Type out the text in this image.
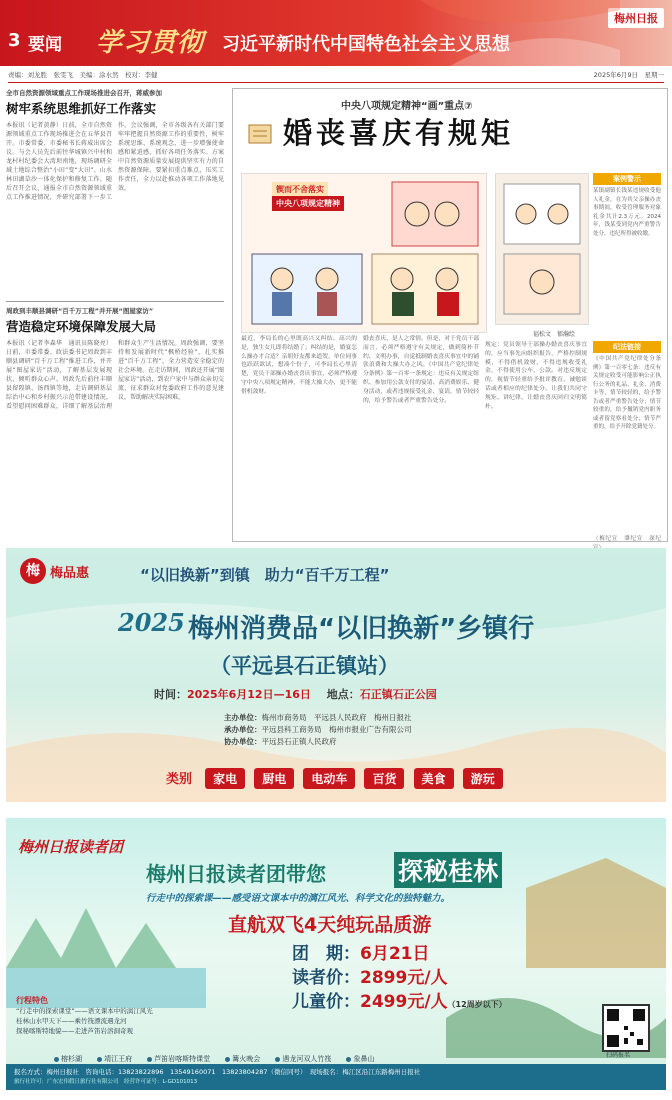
3 要闻 学习贯彻 习近平新时代中国特色社会主义思想
梅州日报
责编：刘龙胜　张雯飞　美编：涂水然　校对：李健	2025年6月9日　星期一
全市自然资源领域重点工作现场推进会召开，蒋威参加
树牢系统思维抓好工作落实
本报讯（记者黄静）日前，全市自然资源领域重点工作现场推进会在五华县召开。市委常委、市委秘书长蒋威出席会议。与会人员先后前往华城镇兴中村和龙村村纪委会大湾坝南地，现场调研全域土地综合整治“小田”变“大田”、山水林田湖草沙一体化保护和修复工作。随后召开会议，通报全市自然资源领域重点工作推进情况，并研究部署下一步工作。会议强调，全市各级各有关部门要牢牢把握自然资源工作的重要性，树牢系统思维、系统观念，进一步增强使命感和紧迫感，抓好各项任务落实。方案中自然资源质量发展提供坚实有力的自然资源保障。要紧扣重点难点，压实工作责任，全力以赴推动各项工作落地见效。
周政到丰顺县调研“百千万工程”并开展“图屋家访”
营造稳定环境保障发展大局
本报讯（记者李森华　通讯员陈晓亮）日前，市委常委、政法委书记周政到丰顺县调研“百千万工程”推进工作，并开展“图屋家访”活动，了解基层发展现状，倾听群众心声。周政先后前往丰顺县留隍镇、汤西镇等地，走访调研基层综治中心和乡村振兴示范带建设情况，看望慰问困难群众，详细了解基层治理和群众生产生活情况。周政强调，要坚持和发展新时代“枫桥经验”，扎实推进“百千万工程”，全力营造安全稳定的社会环境。在走访期间，周政还开展“图屋家访”活动，到农户家中与群众亲切交流，征求群众对党委政府工作的意见建议，帮助解决实际困难。
中央八项规定精神“画”重点⑦
婚丧喜庆有规矩
锲而不舍落实
中央八项规定精神
福松文　郁瀚绘
最近，李局长的心里既高兴又纠结。高兴的是，独生女儿即将结婚了；纠结的是，婚宴怎么操办才合适？亲朋好友都来道贺，单位同事也跃跃欲试，想凑个份子，可李局长心里清楚，党员干部操办婚丧喜庆事宜，必须严格遵守中央八项规定精神，不能大操大办，更不能借机敛财。
婚丧喜庆，是人之常情。但是，对于党员干部而言，必须严格遵守有关规定，做到简朴节约、文明办事，自觉抵制婚丧喜庆事宜中的铺张浪费和大操大办之风。《中国共产党纪律处分条例》第一百零一条规定：违反有关规定组织、参加用公款支付的宴请、高消费娱乐、健身活动，或者违规接受礼金、宴请，情节较轻的，给予警告或者严重警告处分。
规定：党员领导干部操办婚丧喜庆事宜的，应当事先向组织报告，严格控制规模，不得借机敛财，不得违规收受礼金，不得使用公车、公款。对违反规定的，视情节轻重给予批评教育、诫勉谈话或者相应的纪律处分。让我们共同守规矩、讲纪律，让婚丧喜庆回归文明简朴。
案例警示
某镇副镇长钱某违规收受他人礼金，在为其父亲操办丧事期间，收受管理服务对象礼金共计2.3万元。2024年，钱某受到党内严重警告处分，违纪所得被收缴。
纪法链接
《中国共产党纪律处分条例》第一百零七条：违反有关规定收受可能影响公正执行公务的礼品、礼金、消费卡等，情节较轻的，给予警告或者严重警告处分；情节较重的，给予撤销党内职务或者留党察看处分；情节严重的，给予开除党籍处分。
（梅纪宣　肇纪宣　深纪
梅 梅品惠	“以旧换新”到镇　助力“百千万工程”
2025 梅州消费品“以旧换新”乡镇行
（平远县石正镇站）
时间：2025年6月12日—16日 地点：石正镇石正公园
主办单位：梅州市商务局　平远县人民政府　梅州日报社
承办单位：平远县科工商务局　梅州市报业广告有限公司
协办单位：平远县石正镇人民政府
类别 家电 厨电 电动车 百货 美食 游玩
梅州日报读者团
梅州日报读者团带您	探秘桂林
行走中的探索课——感受语文课本中的漓江风光、科学文化的独特魅力。
直航双飞4天纯玩品质游
团　期：6月21日
读者价：2899元/人
儿童价：2499元/人（12周岁以下）
行程特色
“行走中的探索课堂”——语文课本中的漓江风光
桂林山水甲天下——乘竹筏漂流遇龙河
探秘喀斯特地貌——走进芦笛岩溶洞奇观
榕杉湖	靖江王府	芦笛岩喀斯特课堂	篝火晚会	遇龙河双人竹筏	象鼻山
报名方式：梅州日报社　咨询电话：13823822896　13549160071　13823804287（微信同号）　现场报名：梅江区沿江东路梅州日报社
旅行社许可：广东宏伟假日旅行社有限公司　经营许可证号：L-GD101013
扫码报名
